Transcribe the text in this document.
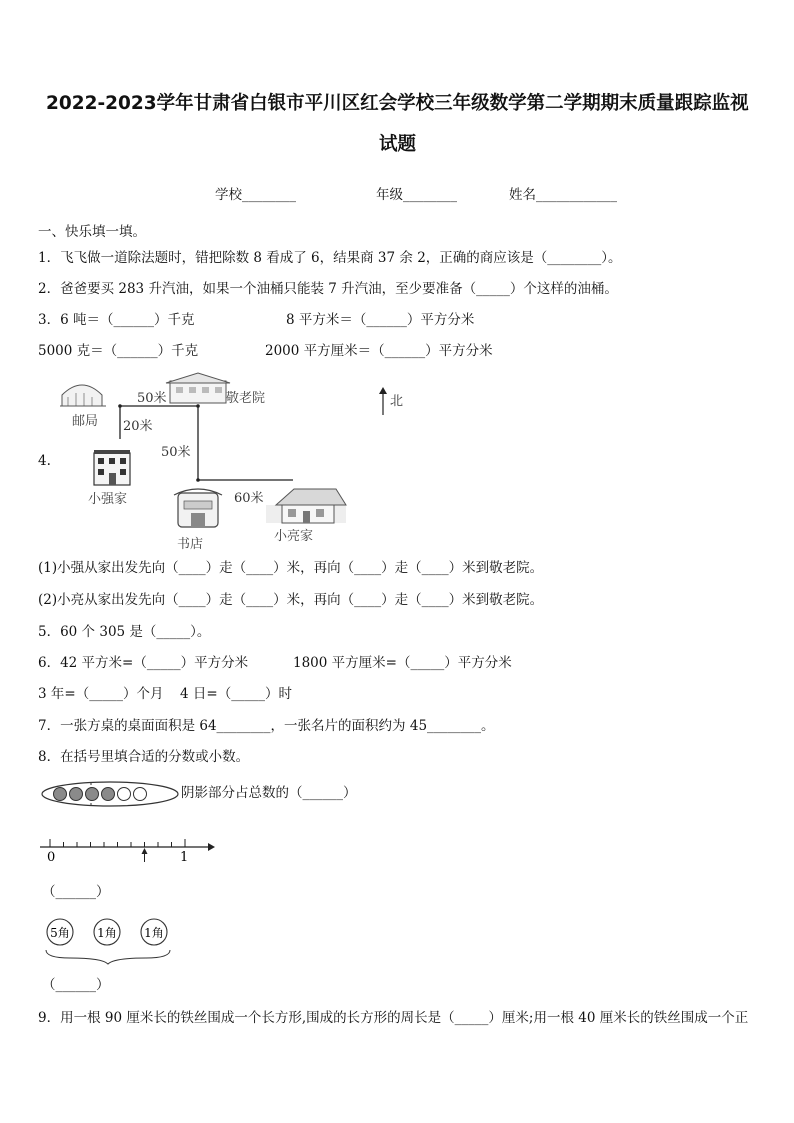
2022-2023学年甘肃省白银市平川区红会学校三年级数学第二学期期末质量跟踪监视
试题
学校________	年级________	姓名____________
一、快乐填一填。
1．飞飞做一道除法题时，错把除数 8 看成了 6，结果商 37 余 2，正确的商应该是（________）。
2．爸爸要买 283 升汽油，如果一个油桶只能装 7 升汽油，至少要准备（_____）个这样的油桶。
3．6 吨＝（______）千克	8 平方米＝（______）平方分米
5000 克＝（______）千克	2000 平方厘米＝（______）平方分米
4.
邮局
敬老院
50米
20米
50米
60米
北
小强家
书店
小亮家
(1)小强从家出发先向（____）走（____）米，再向（____）走（____）米到敬老院。
(2)小亮从家出发先向（____）走（____）米，再向（____）走（____）米到敬老院。
5．60 个 305 是（_____）。
6．42 平方米=（_____）平方分米	1800 平方厘米=（_____）平方分米
3 年=（_____）个月 4 日=（_____）时
7．一张方桌的桌面面积是 64________，一张名片的面积约为 45________。
8．在括号里填合适的分数或小数。
阴影部分占总数的（______）
0	1
（______）
5角 1角 1角
（______）
9．用一根 90 厘米长的铁丝围成一个长方形,围成的长方形的周长是（_____）厘米;用一根 40 厘米长的铁丝围成一个正
